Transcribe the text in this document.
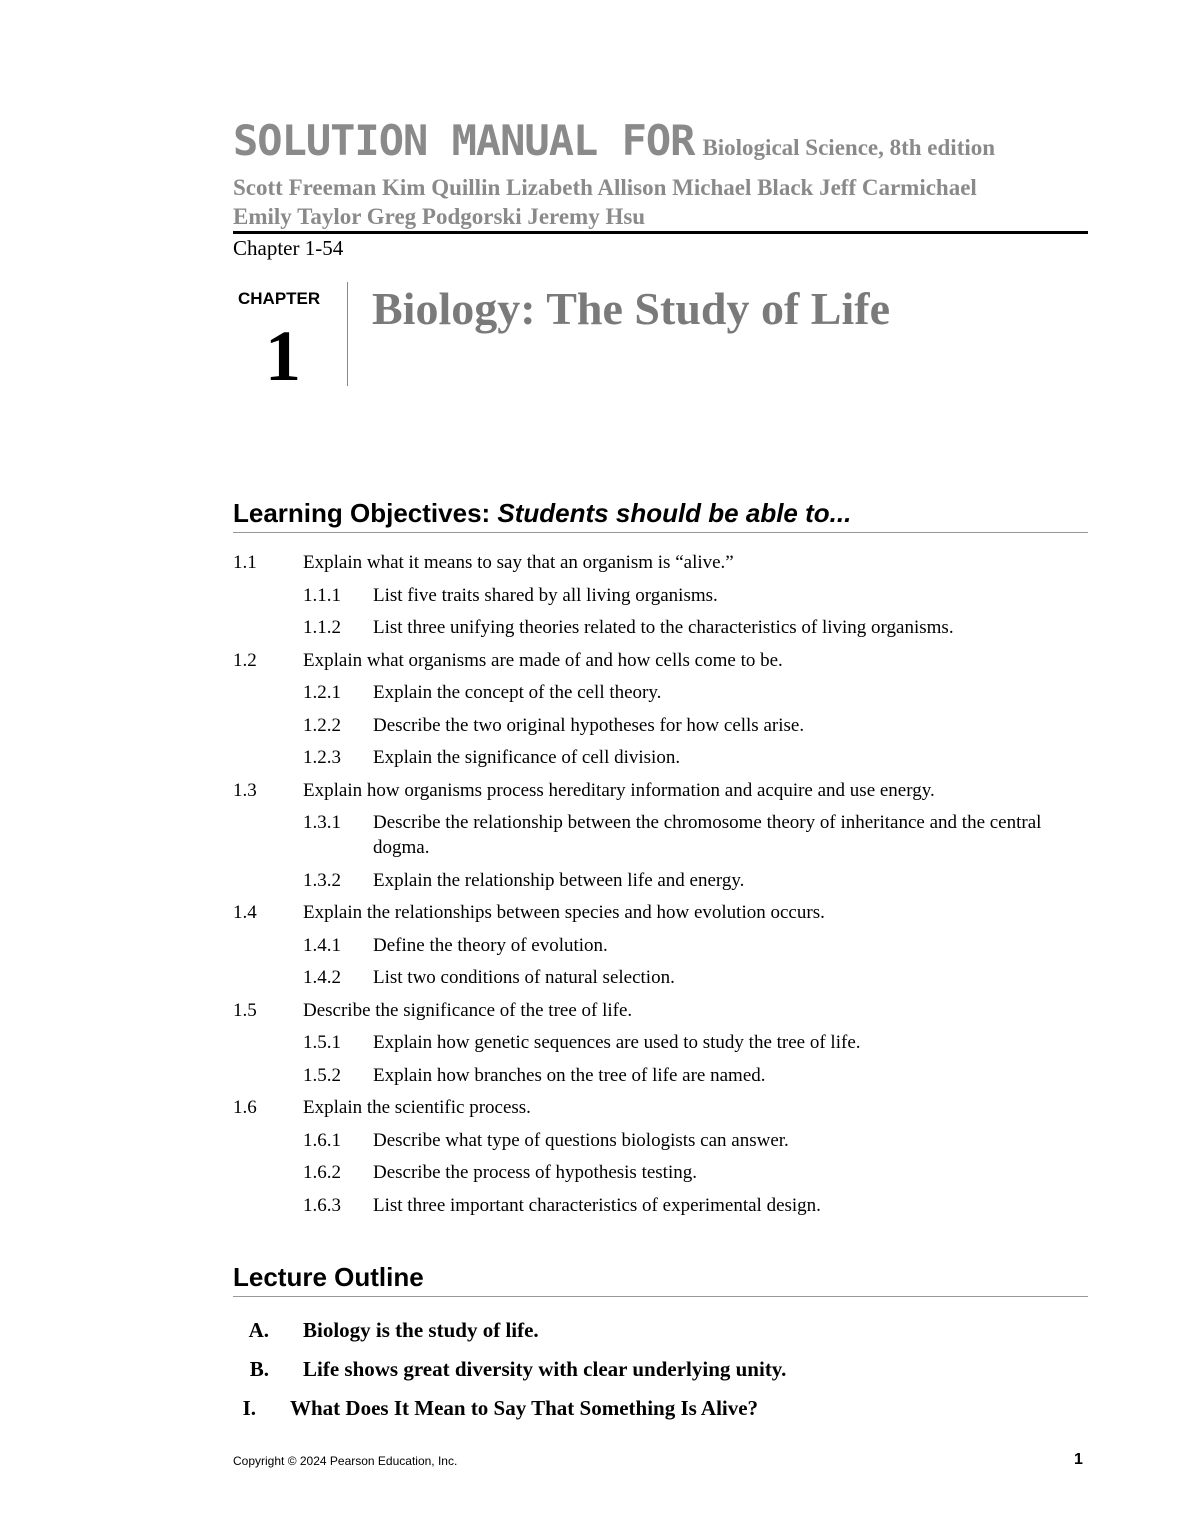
SOLUTION MANUAL FOR Biological Science, 8th edition
Scott Freeman Kim Quillin Lizabeth Allison Michael Black Jeff Carmichael
Emily Taylor Greg Podgorski Jeremy Hsu
Chapter 1-54
CHAPTER
1
Biology: The Study of Life
Learning Objectives: Students should be able to...
1.1 Explain what it means to say that an organism is “alive.”
1.1.1 List five traits shared by all living organisms.
1.1.2 List three unifying theories related to the characteristics of living organisms.
1.2 Explain what organisms are made of and how cells come to be.
1.2.1 Explain the concept of the cell theory.
1.2.2 Describe the two original hypotheses for how cells arise.
1.2.3 Explain the significance of cell division.
1.3 Explain how organisms process hereditary information and acquire and use energy.
1.3.1 Describe the relationship between the chromosome theory of inheritance and the central dogma.
1.3.2 Explain the relationship between life and energy.
1.4 Explain the relationships between species and how evolution occurs.
1.4.1 Define the theory of evolution.
1.4.2 List two conditions of natural selection.
1.5 Describe the significance of the tree of life.
1.5.1 Explain how genetic sequences are used to study the tree of life.
1.5.2 Explain how branches on the tree of life are named.
1.6 Explain the scientific process.
1.6.1 Describe what type of questions biologists can answer.
1.6.2 Describe the process of hypothesis testing.
1.6.3 List three important characteristics of experimental design.
Lecture Outline
A. Biology is the study of life.
B. Life shows great diversity with clear underlying unity.
I. What Does It Mean to Say That Something Is Alive?
Copyright © 2024 Pearson Education, Inc.	1
